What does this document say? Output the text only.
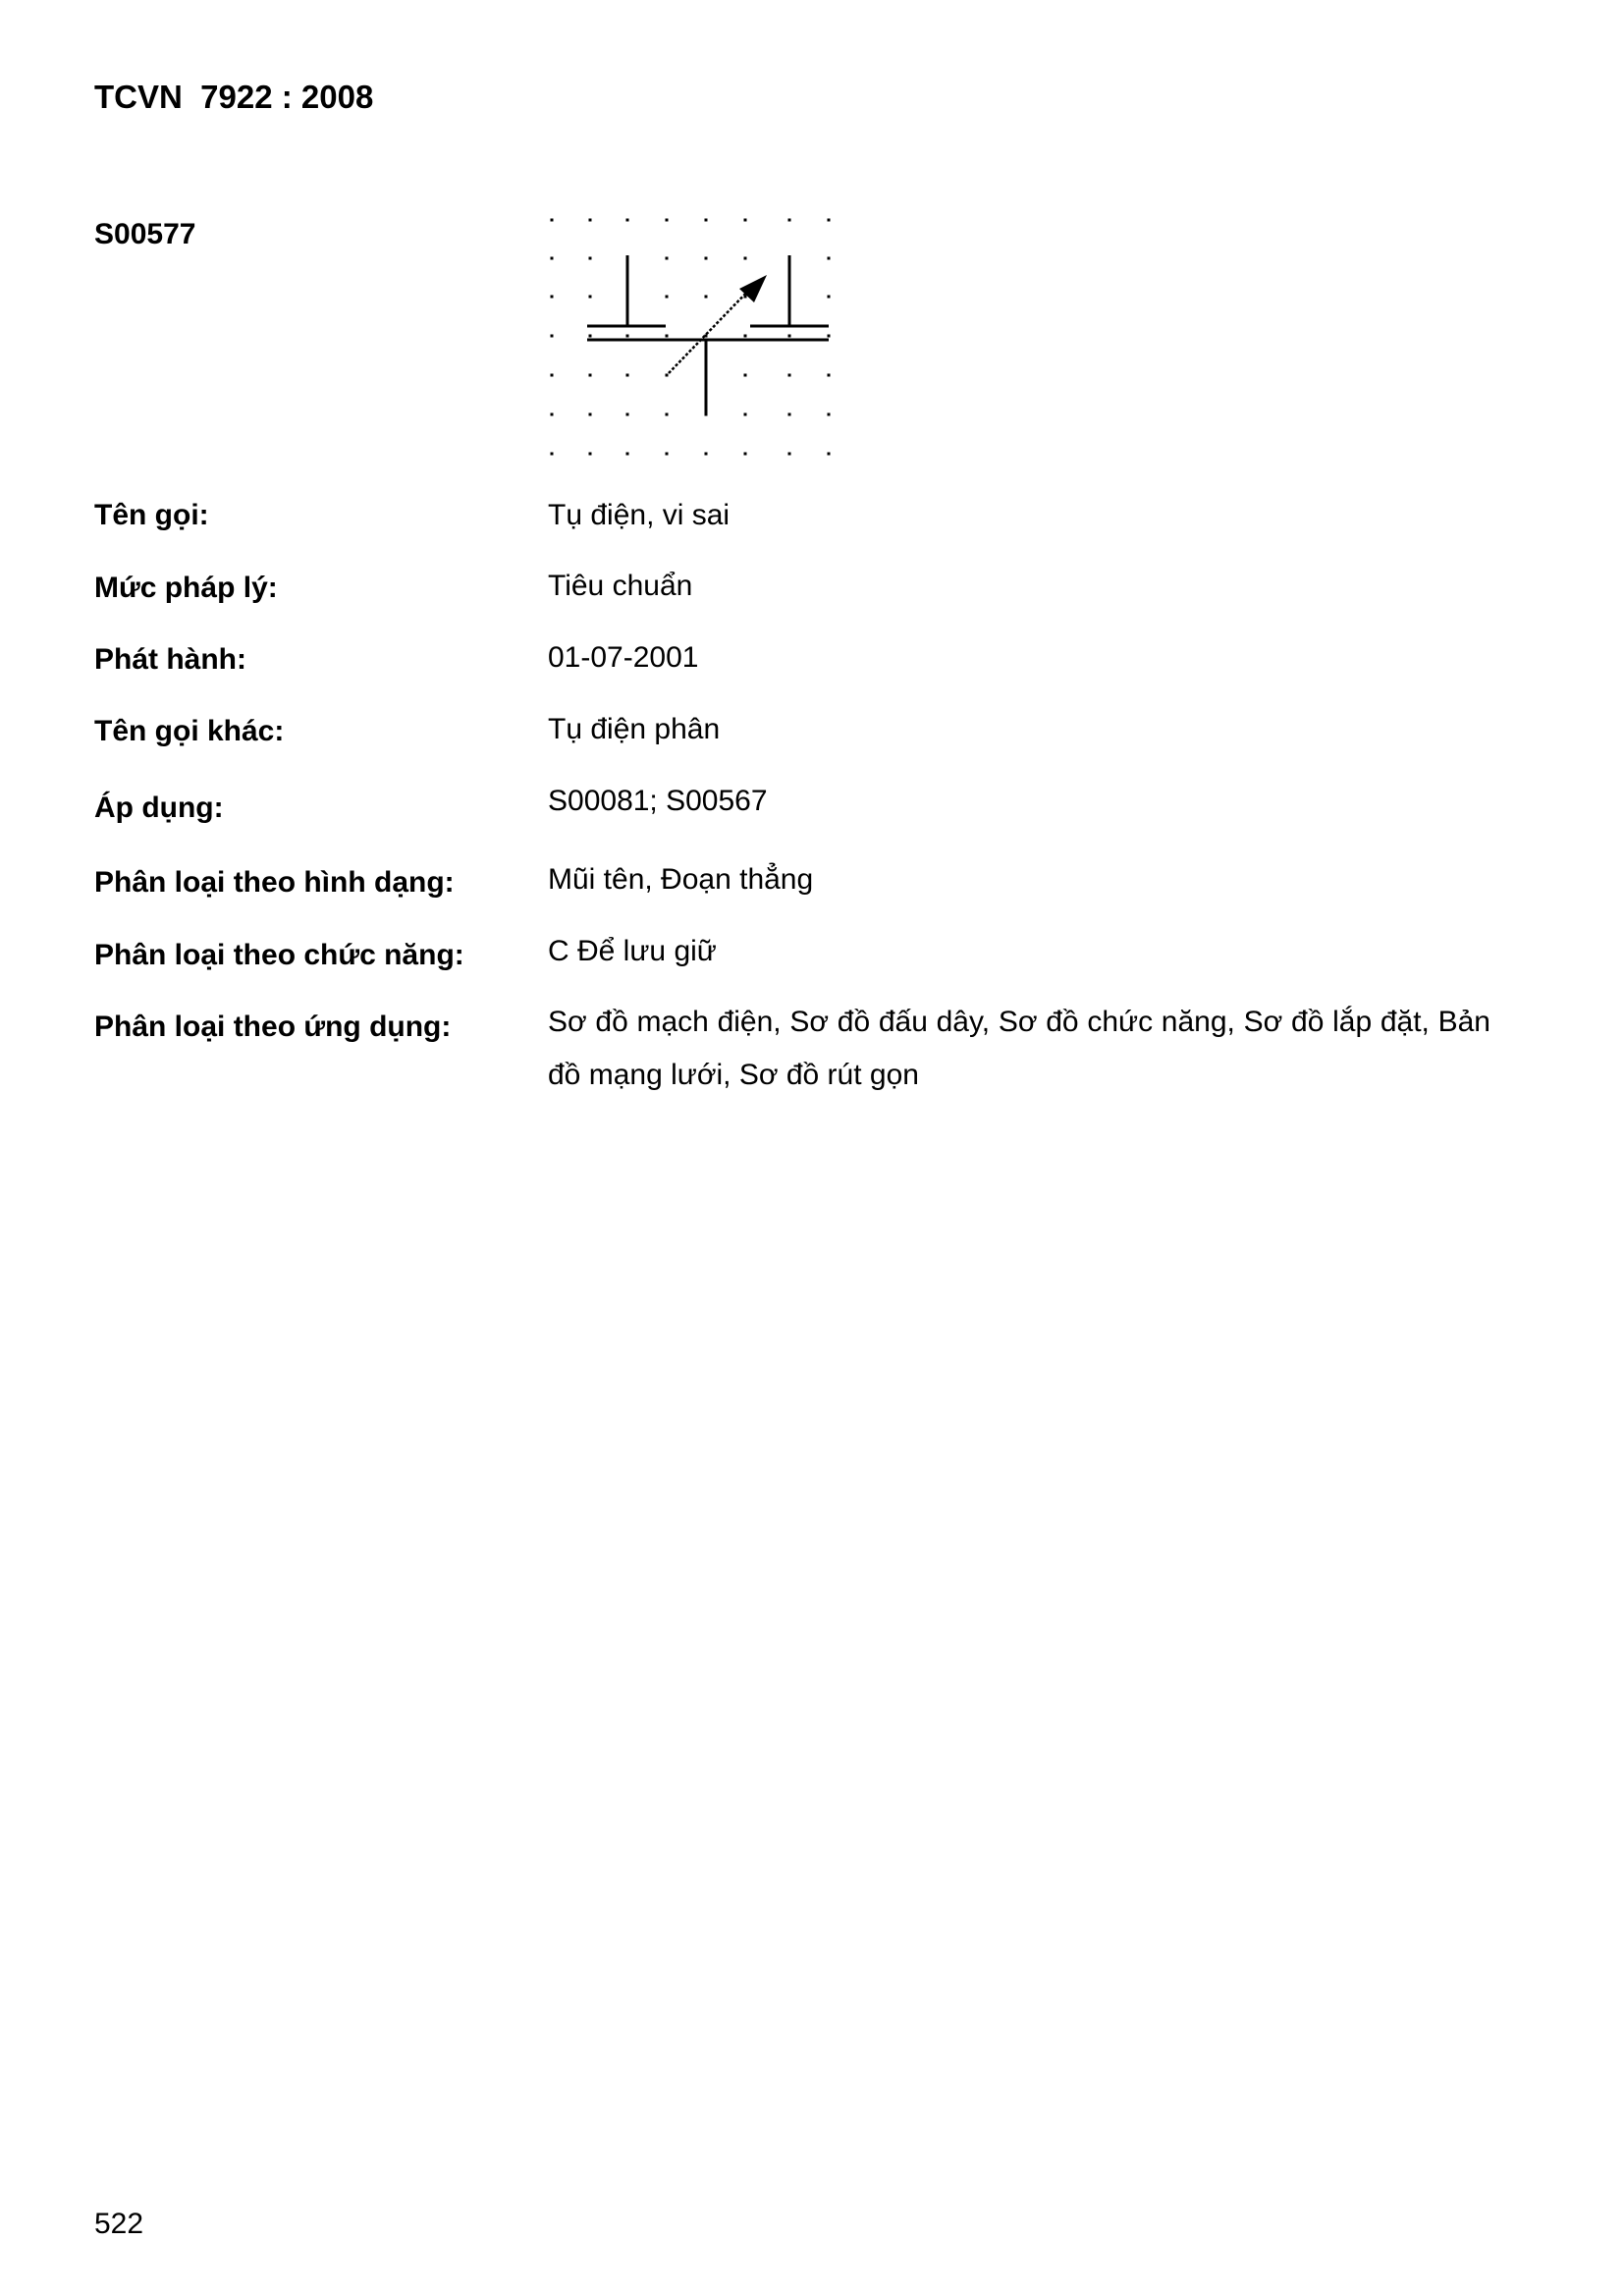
TCVN  7922 : 2008
S00577
Tên gọi:	Tụ điện, vi sai
Mức pháp lý:	Tiêu chuẩn
Phát hành:	01-07-2001
Tên gọi khác:	Tụ điện phân
Áp dụng:	S00081; S00567
Phân loại theo hình dạng:	Mũi tên, Đoạn thẳng
Phân loại theo chức năng:	C Để lưu giữ
Phân loại theo ứng dụng:	Sơ đồ mạch điện, Sơ đồ đấu dây, Sơ đồ chức năng, Sơ đồ lắp đặt, Bản đồ mạng lưới, Sơ đồ rút gọn
522
